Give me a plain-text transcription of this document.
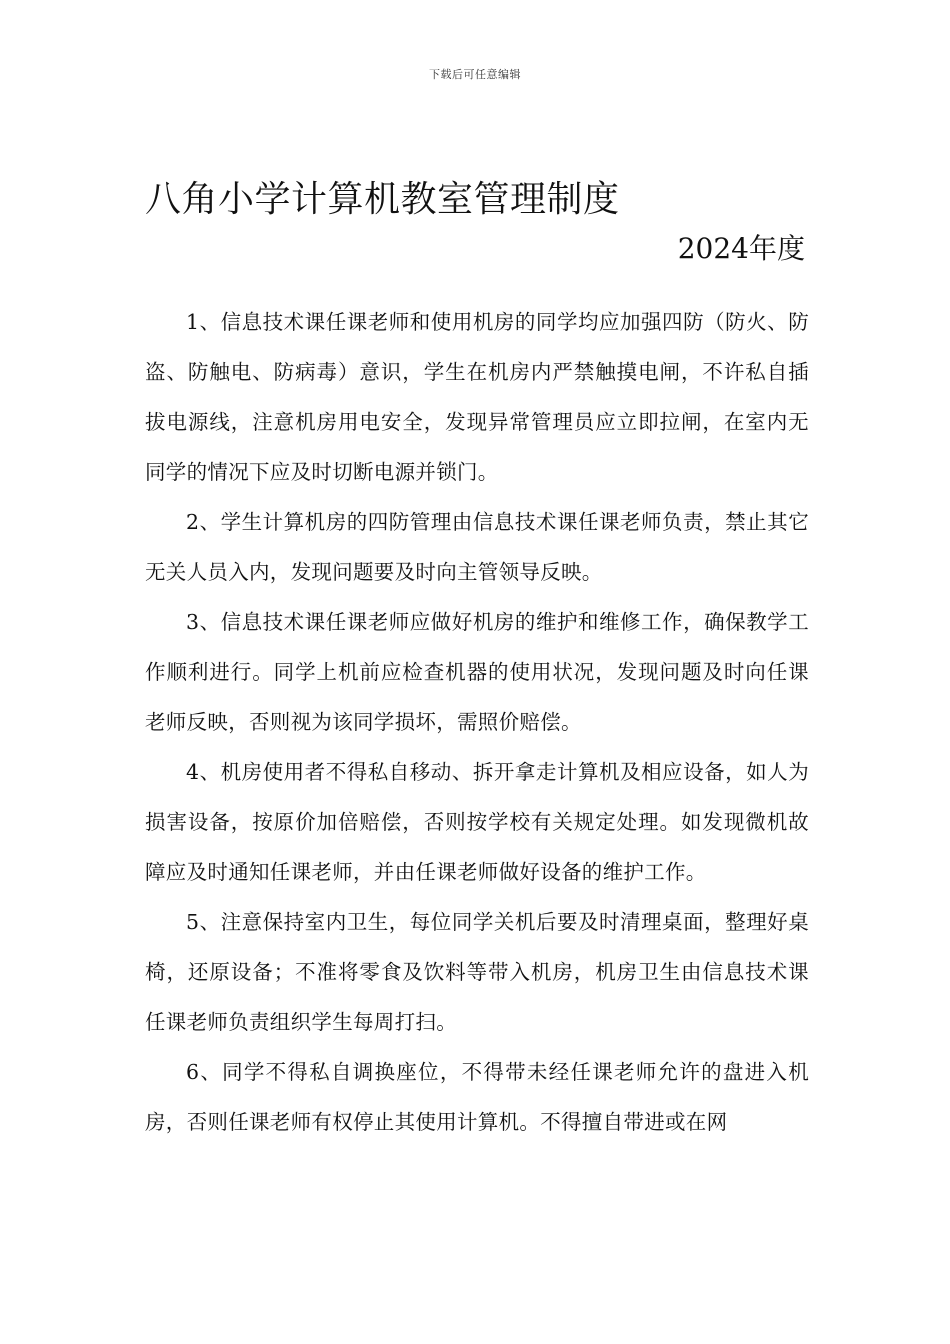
下载后可任意编辑
八角小学计算机教室管理制度
2024年度

1、信息技术课任课老师和使用机房的同学均应加强四防（防火、防盗、防触电、防病毒）意识，学生在机房内严禁触摸电闸，不许私自插拔电源线，注意机房用电安全，发现异常管理员应立即拉闸，在室内无同学的情况下应及时切断电源并锁门。

2、学生计算机房的四防管理由信息技术课任课老师负责，禁止其它无关人员入内，发现问题要及时向主管领导反映。

3、信息技术课任课老师应做好机房的维护和维修工作，确保教学工作顺利进行。同学上机前应检查机器的使用状况，发现问题及时向任课老师反映，否则视为该同学损坏，需照价赔偿。

4、机房使用者不得私自移动、拆开拿走计算机及相应设备，如人为损害设备，按原价加倍赔偿，否则按学校有关规定处理。如发现微机故障应及时通知任课老师，并由任课老师做好设备的维护工作。

5、注意保持室内卫生，每位同学关机后要及时清理桌面，整理好桌椅，还原设备；不准将零食及饮料等带入机房，机房卫生由信息技术课任课老师负责组织学生每周打扫。

6、同学不得私自调换座位，不得带未经任课老师允许的盘进入机房，否则任课老师有权停止其使用计算机。不得擅自带进或在网
